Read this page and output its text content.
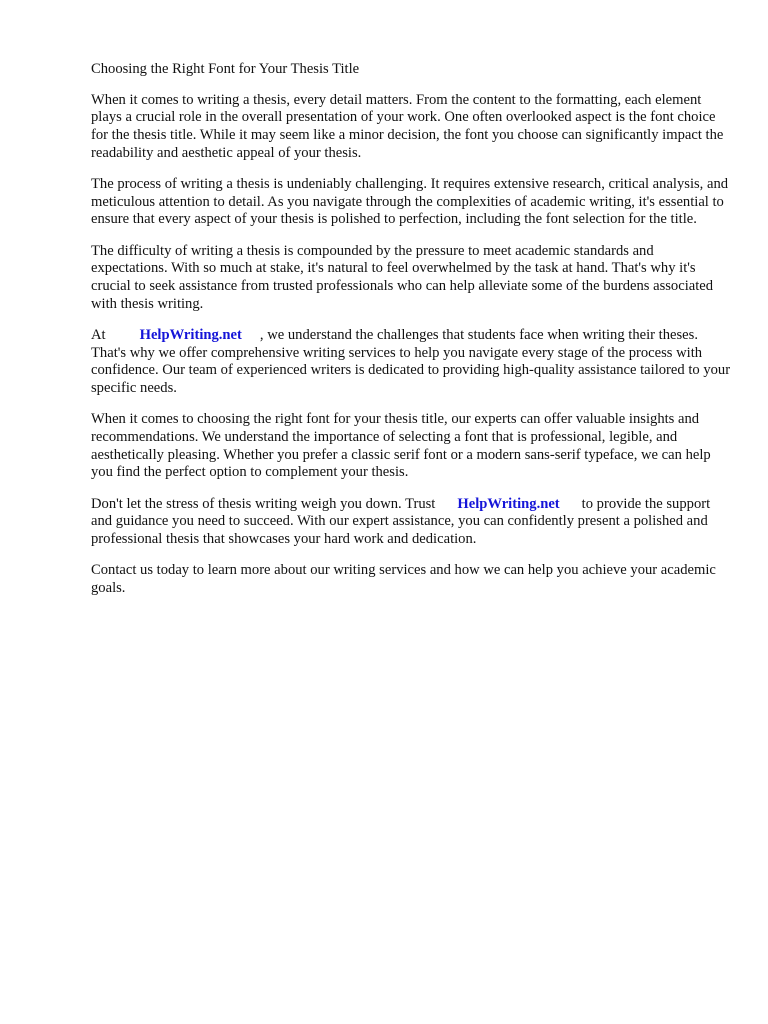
Choosing the Right Font for Your Thesis Title

When it comes to writing a thesis, every detail matters. From the content to the formatting, each element plays a crucial role in the overall presentation of your work. One often overlooked aspect is the font choice for the thesis title. While it may seem like a minor decision, the font you choose can significantly impact the readability and aesthetic appeal of your thesis.

The process of writing a thesis is undeniably challenging. It requires extensive research, critical analysis, and meticulous attention to detail. As you navigate through the complexities of academic writing, it's essential to ensure that every aspect of your thesis is polished to perfection, including the font selection for the title.

The difficulty of writing a thesis is compounded by the pressure to meet academic standards and expectations. With so much at stake, it's natural to feel overwhelmed by the task at hand. That's why it's crucial to seek assistance from trusted professionals who can help alleviate some of the burdens associated with thesis writing.

At HelpWriting.net , we understand the challenges that students face when writing their theses. That's why we offer comprehensive writing services to help you navigate every stage of the process with confidence. Our team of experienced writers is dedicated to providing high-quality assistance tailored to your specific needs.

When it comes to choosing the right font for your thesis title, our experts can offer valuable insights and recommendations. We understand the importance of selecting a font that is professional, legible, and aesthetically pleasing. Whether you prefer a classic serif font or a modern sans-serif typeface, we can help you find the perfect option to complement your thesis.

Don't let the stress of thesis writing weigh you down. Trust HelpWriting.net to provide the support and guidance you need to succeed. With our expert assistance, you can confidently present a polished and professional thesis that showcases your hard work and dedication.

Contact us today to learn more about our writing services and how we can help you achieve your academic goals.
